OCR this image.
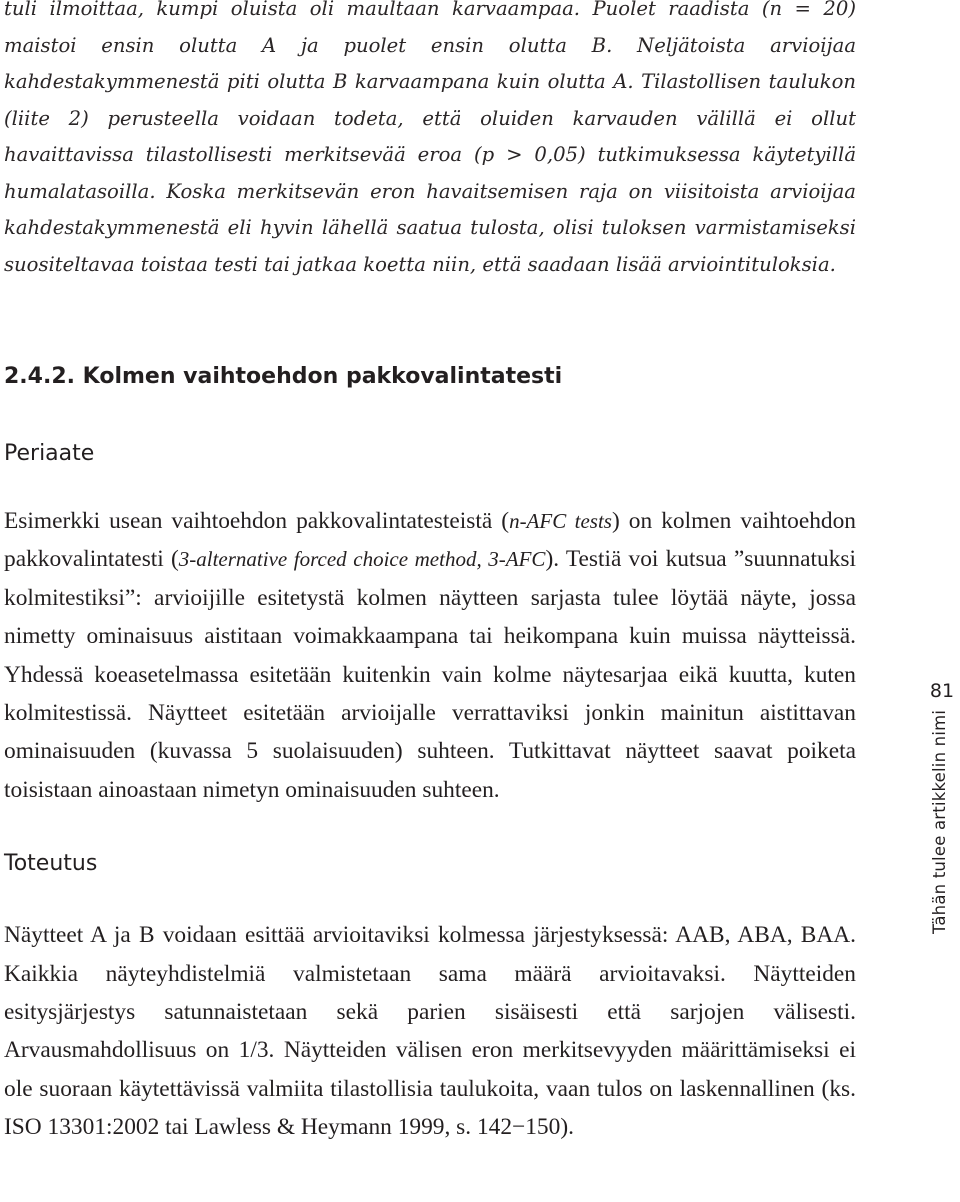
tuli ilmoittaa, kumpi oluista oli maultaan karvaampaa. Puolet raadista (n = 20) maistoi ensin olutta A ja puolet ensin olutta B. Neljätoista arvioijaa kahdestakymmenestä piti olutta B karvaampana kuin olutta A. Tilastollisen taulukon (liite 2) perusteella voidaan todeta, että oluiden karvauden välillä ei ollut havaittavissa tilastollisesti merkitsevää eroa (p > 0,05) tutkimuksessa käytetyillä humalatasoilla. Koska merkitsevän eron havaitsemisen raja on viisitoista arvioijaa kahdestakymmenestä eli hyvin lähellä saatua tulosta, olisi tuloksen varmistamiseksi suositeltavaa toistaa testi tai jatkaa koetta niin, että saadaan lisää arviointituloksia.

2.4.2. Kolmen vaihtoehdon pakkovalintatesti
Periaate

Esimerkki usean vaihtoehdon pakkovalintatesteistä (n-AFC tests) on kolmen vaihtoehdon pakkovalintatesti (3-alternative forced choice method, 3-AFC). Testiä voi kutsua ”suunnatuksi kolmitestiksi”: arvioijille esitetystä kolmen näytteen sarjasta tulee löytää näyte, jossa nimetty ominaisuus aistitaan voimakkaampana tai heikompana kuin muissa näytteissä. Yhdessä koeasetelmassa esitetään kuitenkin vain kolme näytesarjaa eikä kuutta, kuten kolmitestissä. Näytteet esitetään arvioijalle verrattaviksi jonkin mainitun aistittavan ominaisuuden (kuvassa 5 suolaisuuden) suhteen. Tutkittavat näytteet saavat poiketa toisistaan ainoastaan nimetyn ominaisuuden suhteen.

Toteutus

Näytteet A ja B voidaan esittää arvioitaviksi kolmessa järjestyksessä: AAB, ABA, BAA. Kaikkia näyteyhdistelmiä valmistetaan sama määrä arvioitavaksi. Näytteiden esitysjärjestys satunnaistetaan sekä parien sisäisesti että sarjojen välisesti. Arvausmahdollisuus on 1/3. Näytteiden välisen eron merkitsevyyden määrittämiseksi ei ole suoraan käytettävissä valmiita tilastollisia taulukoita, vaan tulos on laskennallinen (ks. ISO 13301:2002 tai Lawless & Heymann 1999, s. 142−150).

81
Tähän tulee artikkelin nimi
